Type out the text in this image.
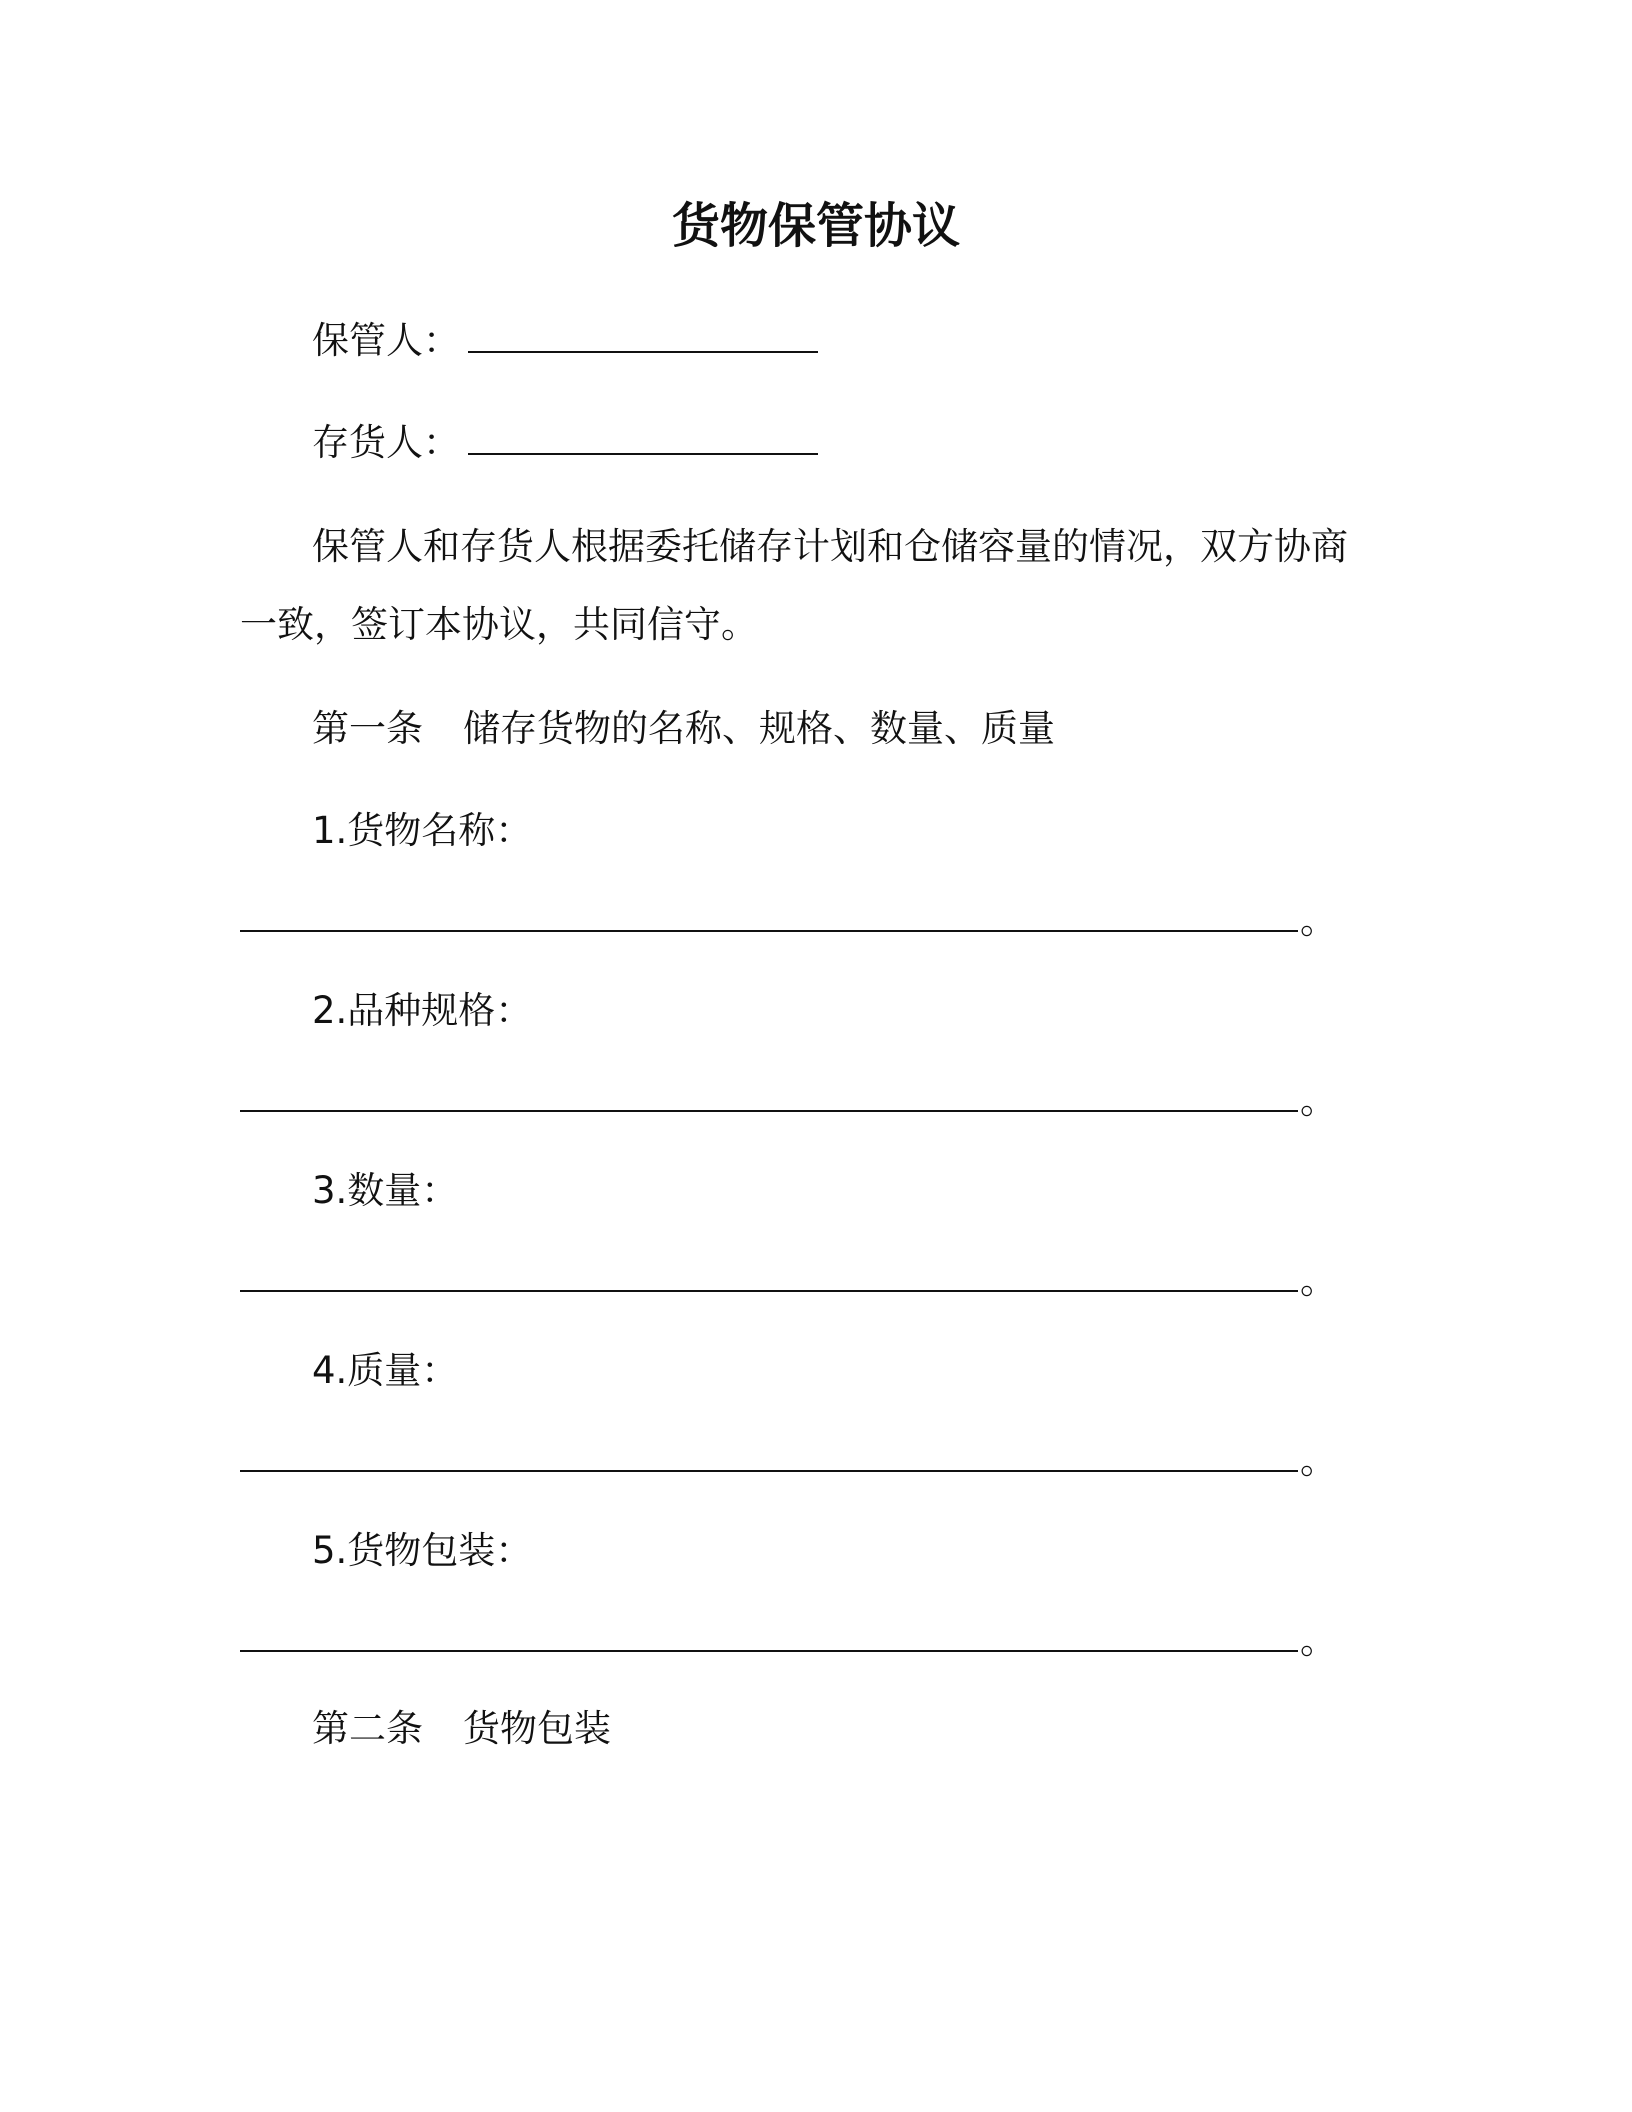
货物保管协议
保管人：
存货人：
保管人和存货人根据委托储存计划和仓储容量的情况，双方协商
一致，签订本协议，共同信守。
第一条 储存货物的名称、规格、数量、质量
1.货物名称：
。
2.品种规格：
。
3.数量：
。
4.质量：
。
5.货物包装：
。
第二条 货物包装
